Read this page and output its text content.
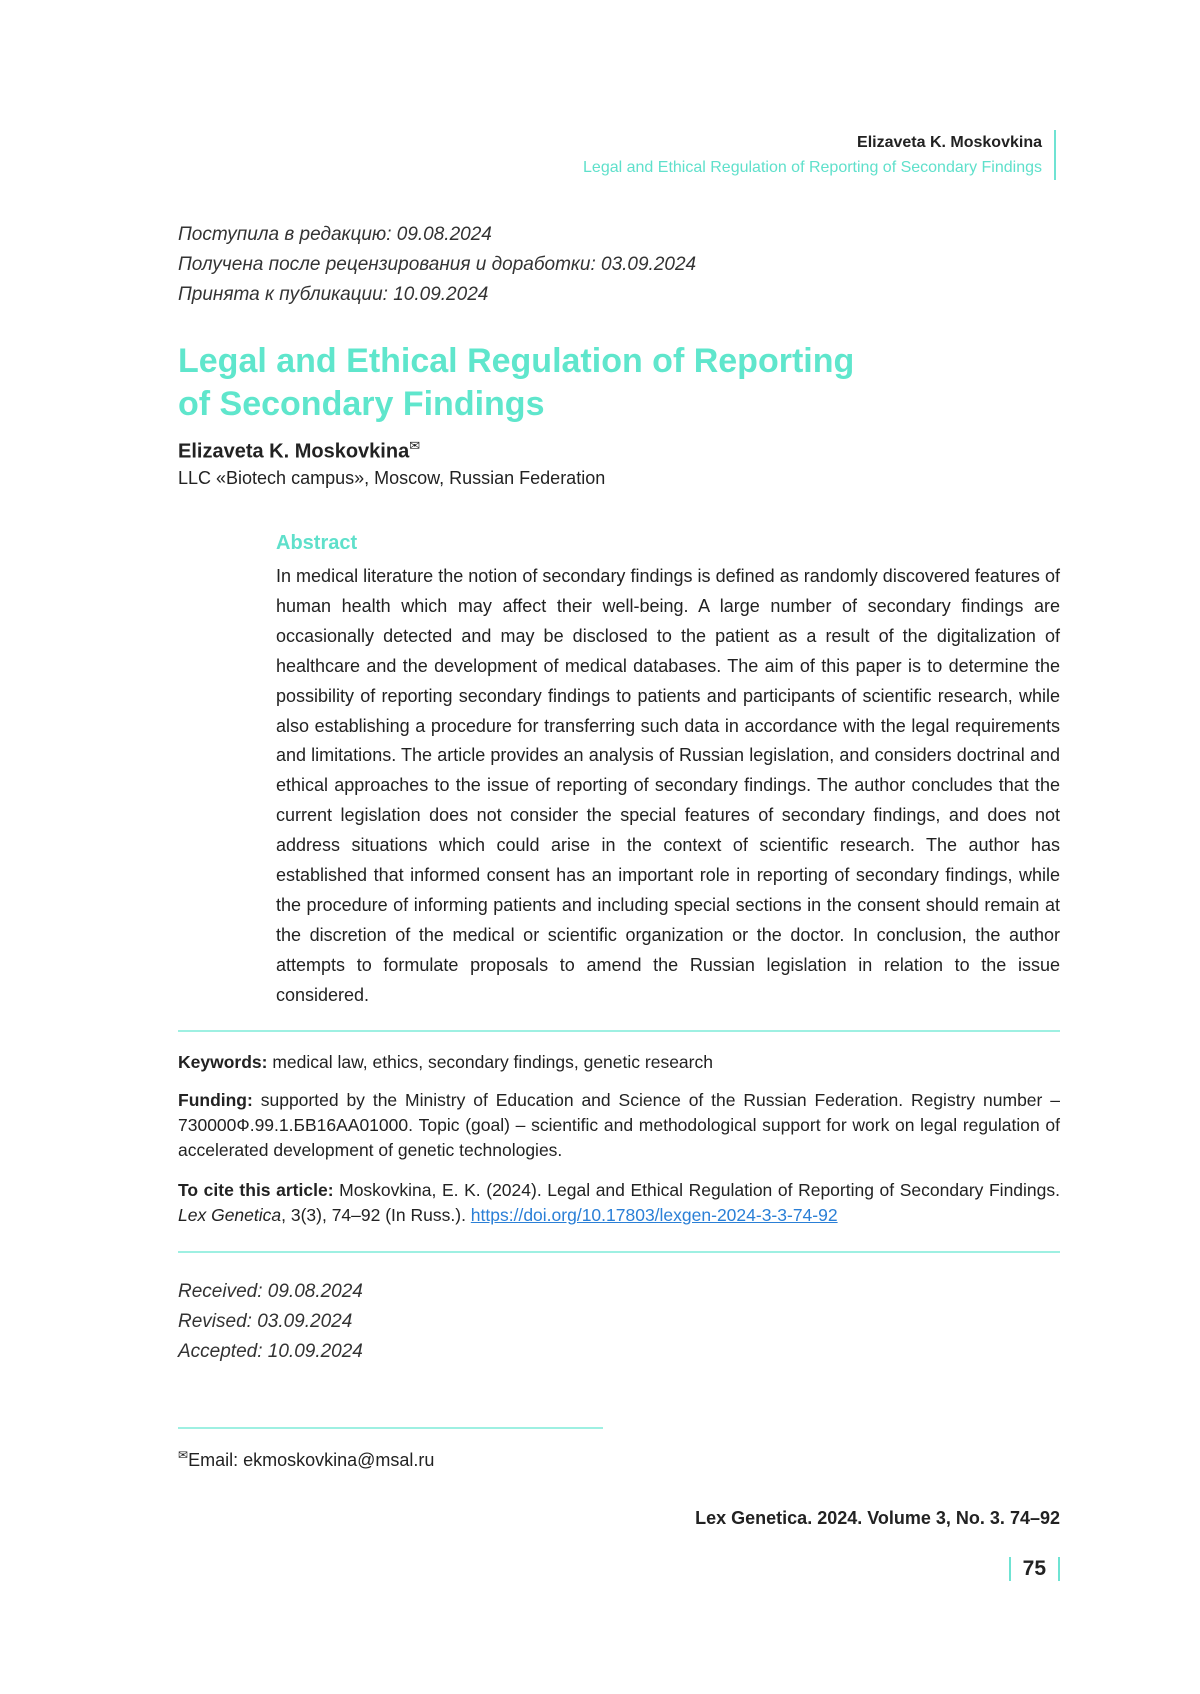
Elizaveta K. Moskovkina
Legal and Ethical Regulation of Reporting of Secondary Findings
Поступила в редакцию: 09.08.2024
Получена после рецензирования и доработки: 03.09.2024
Принята к публикации: 10.09.2024
Legal and Ethical Regulation of Reporting
of Secondary Findings
Elizaveta K. Moskovkina✉
LLC «Biotech campus», Moscow, Russian Federation
Abstract
In medical literature the notion of secondary findings is defined as randomly discovered features of human health which may affect their well-being. A large number of secondary findings are occasionally detected and may be disclosed to the patient as a result of the digitalization of healthcare and the development of medical databases. The aim of this paper is to determine the possibility of reporting secondary findings to patients and participants of scientific research, while also establishing a procedure for transferring such data in accordance with the legal requirements and limitations. The article provides an analysis of Russian legislation, and considers doctrinal and ethical approaches to the issue of reporting of secondary findings. The author concludes that the current legislation does not consider the special features of secondary findings, and does not address situations which could arise in the context of scientific research. The author has established that informed consent has an important role in reporting of secondary findings, while the procedure of informing patients and including special sections in the consent should remain at the discretion of the medical or scientific organization or the doctor. In conclusion, the author attempts to formulate proposals to amend the Russian legislation in relation to the issue considered.
Keywords: medical law, ethics, secondary findings, genetic research
Funding: supported by the Ministry of Education and Science of the Russian Federation. Registry number – 730000Ф.99.1.БВ16АА01000. Topic (goal) – scientific and methodological support for work on legal regulation of accelerated development of genetic technologies.
To cite this article: Moskovkina, E. K. (2024). Legal and Ethical Regulation of Reporting of Secondary Findings. Lex Genetica, 3(3), 74–92 (In Russ.). https://doi.org/10.17803/lexgen-2024-3-3-74-92
Received: 09.08.2024
Revised: 03.09.2024
Accepted: 10.09.2024
✉Email: ekmoskovkina@msal.ru
Lex Genetica. 2024. Volume 3, No. 3. 74–92
75
